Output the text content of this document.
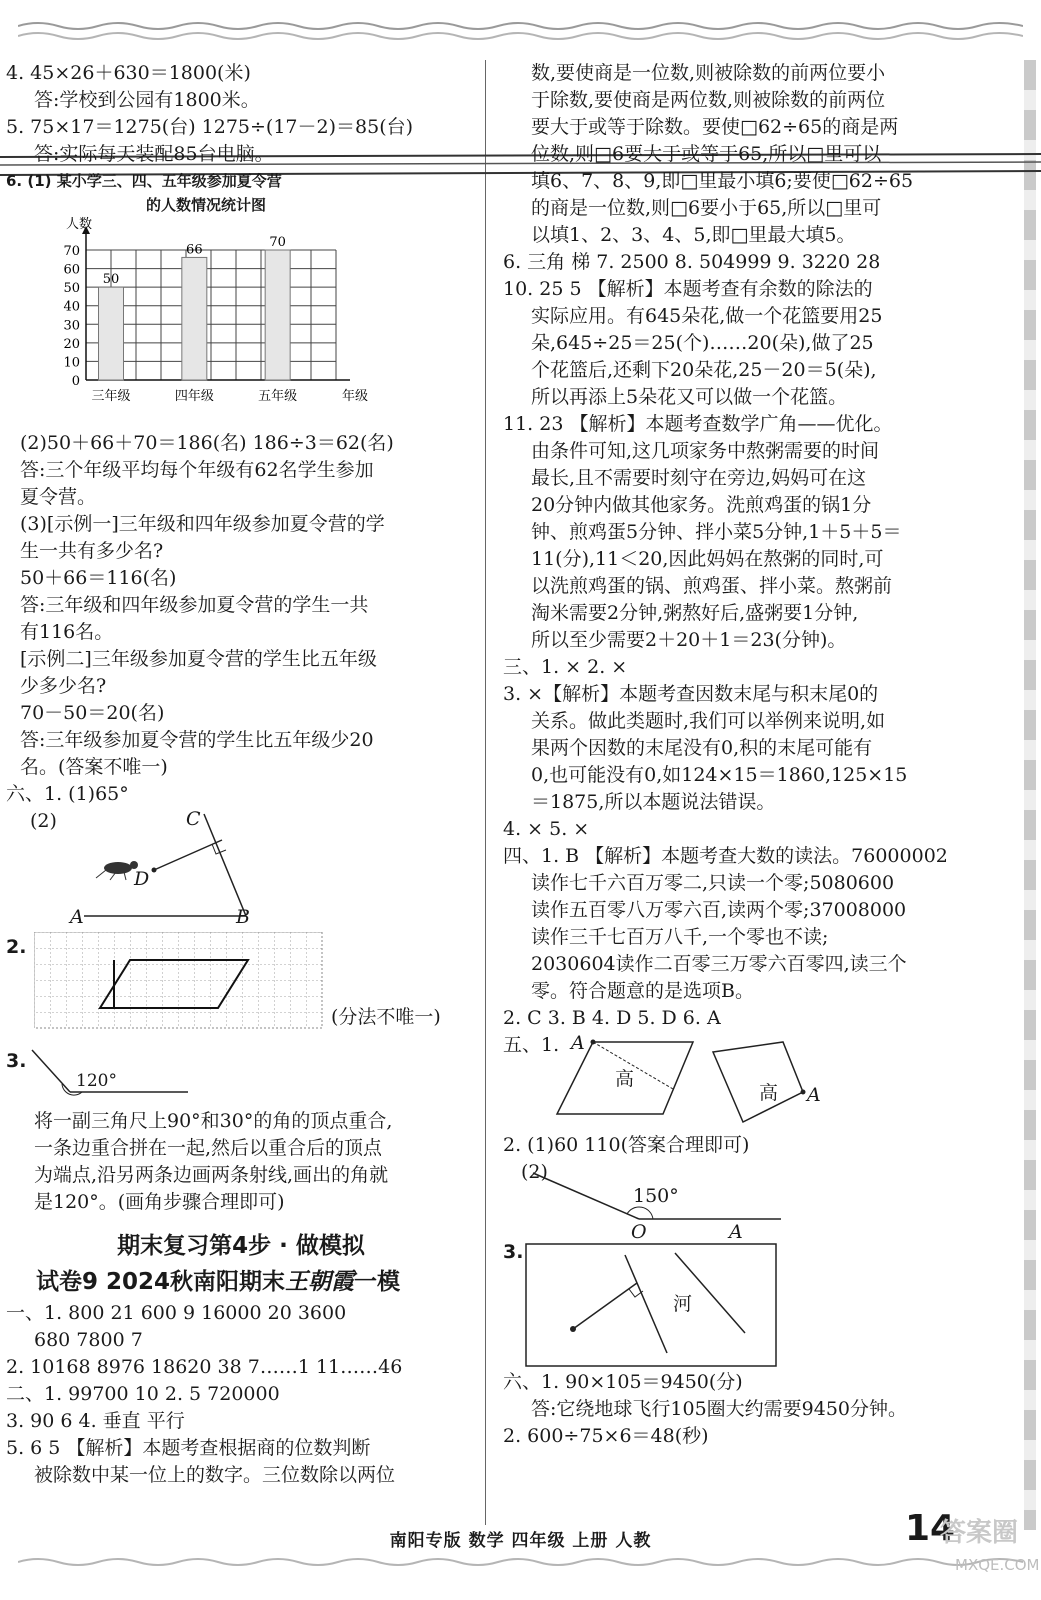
4. 45×26＋630＝1800(米)
答:学校到公园有1800米。
5. 75×17＝1275(台) 1275÷(17－2)＝85(台)
答:实际每天装配85台电脑。
6. (1) 某小学三、四、五年级参加夏令营
的人数情况统计图
0
10
20
30
40
50
60
70
人数
50
三年级
66
四年级
70
五年级	年级
(2)50＋66＋70＝186(名) 186÷3＝62(名)
答:三个年级平均每个年级有62名学生参加
夏令营。
(3)[示例一]三年级和四年级参加夏令营的学
生一共有多少名?
50＋66＝116(名)
答:三年级和四年级参加夏令营的学生一共
有116名。
[示例二]三年级参加夏令营的学生比五年级
少多少名?
70－50＝20(名)
答:三年级参加夏令营的学生比五年级少20
名。(答案不唯一)
六、1. (1)65°
(2)	C
D
A	B
2.
(分法不唯一)
3.
120°
将一副三角尺上90°和30°的角的顶点重合,
一条边重合拼在一起,然后以重合后的顶点
为端点,沿另两条边画两条射线,画出的角就
是120°。(画角步骤合理即可)
期末复习第4步 · 做模拟
试卷9 2024秋南阳期末王朝霞一模
一、1. 800 21 600 9 16000 20 3600
680 7800 7
2. 10168 8976 18620 38 7……1 11……46
二、1. 99700 10 2. 5 720000
3. 90 6 4. 垂直 平行
5. 6 5 【解析】本题考查根据商的位数判断
被除数中某一位上的数字。三位数除以两位
数,要使商是一位数,则被除数的前两位要小
于除数,要使商是两位数,则被除数的前两位
要大于或等于除数。要使□62÷65的商是两
位数,则□6要大于或等于65,所以□里可以
填6、7、8、9,即□里最小填6;要使□62÷65
的商是一位数,则□6要小于65,所以□里可
以填1、2、3、4、5,即□里最大填5。
6. 三角 梯 7. 2500 8. 504999 9. 3220 28
10. 25 5 【解析】本题考查有余数的除法的
实际应用。有645朵花,做一个花篮要用25
朵,645÷25＝25(个)……20(朵),做了25
个花篮后,还剩下20朵花,25－20＝5(朵),
所以再添上5朵花又可以做一个花篮。
11. 23 【解析】本题考查数学广角——优化。
由条件可知,这几项家务中熬粥需要的时间
最长,且不需要时刻守在旁边,妈妈可在这
20分钟内做其他家务。洗煎鸡蛋的锅1分
钟、煎鸡蛋5分钟、拌小菜5分钟,1＋5＋5＝
11(分),11＜20,因此妈妈在熬粥的同时,可
以洗煎鸡蛋的锅、煎鸡蛋、拌小菜。熬粥前
淘米需要2分钟,粥熬好后,盛粥要1分钟,
所以至少需要2＋20＋1＝23(分钟)。
三、1. × 2. ×
3. ×【解析】本题考查因数末尾与积末尾0的
关系。做此类题时,我们可以举例来说明,如
果两个因数的末尾没有0,积的末尾可能有
0,也可能没有0,如124×15＝1860,125×15
＝1875,所以本题说法错误。
4. × 5. ×
四、1. B 【解析】本题考查大数的读法。76000002
读作七千六百万零二,只读一个零;5080600
读作五百零八万零六百,读两个零;37008000
读作三千七百万八千,一个零也不读;
2030604读作二百零三万零六百零四,读三个
零。符合题意的是选项B。
2. C 3. B 4. D 5. D 6. A
五、1. A
高
高 A
2. (1)60 110(答案合理即可)
(2)
150°
O	A
3.
河
六、1. 90×105＝9450(分)
答:它绕地球飞行105圈大约需要9450分钟。
2. 600÷75×6＝48(秒)
南阳专版 数学 四年级 上册 人教	14
答案圈
MXQE.COM
